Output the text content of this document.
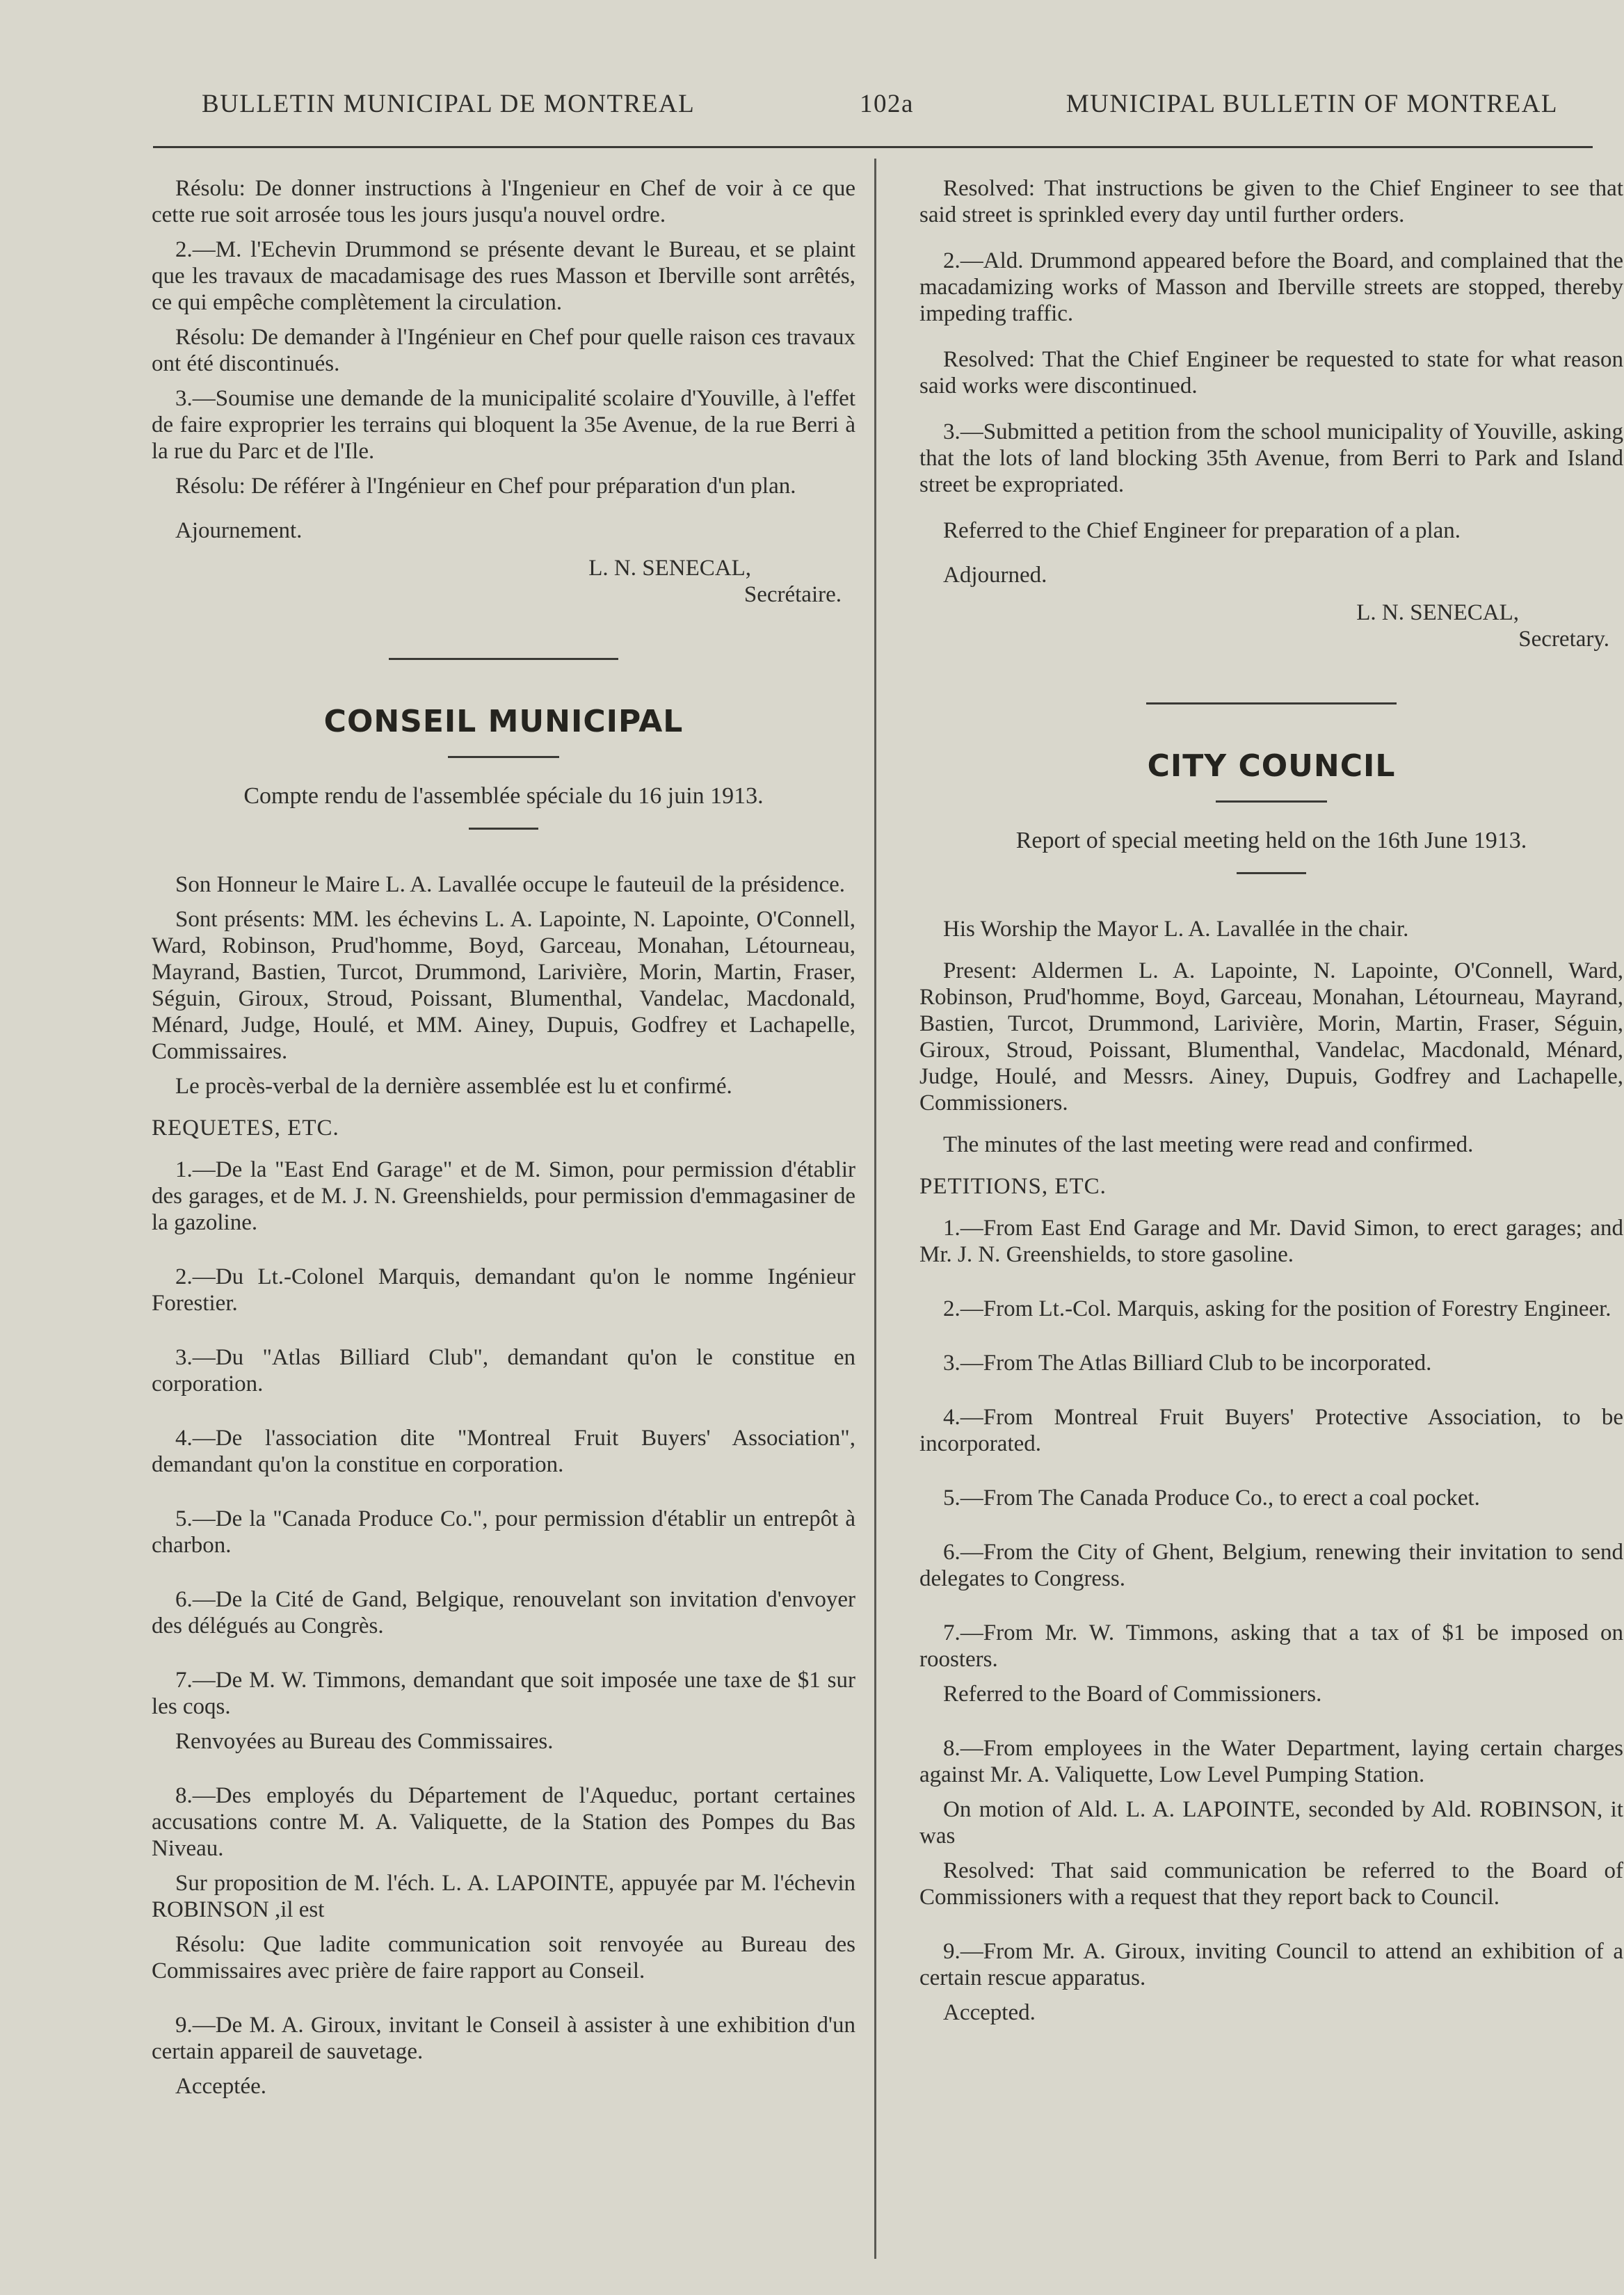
BULLETIN MUNICIPAL DE MONTREAL	102a	MUNICIPAL BULLETIN OF MONTREAL

Résolu: De donner instructions à l'Ingenieur en Chef de voir à ce que cette rue soit arrosée tous les jours jusqu'a nouvel ordre.

2.—M. l'Echevin Drummond se présente devant le Bureau, et se plaint que les travaux de macadamisage des rues Masson et Iberville sont arrêtés, ce qui empêche complètement la circulation.

Résolu: De demander à l'Ingénieur en Chef pour quelle raison ces travaux ont été discontinués.

3.—Soumise une demande de la municipalité scolaire d'Youville, à l'effet de faire exproprier les terrains qui bloquent la 35e Avenue, de la rue Berri à la rue du Parc et de l'Ile.

Résolu: De référer à l'Ingénieur en Chef pour préparation d'un plan.

Ajournement.

L. N. SENECAL,

Secrétaire.

CONSEIL MUNICIPAL

Compte rendu de l'assemblée spéciale du 16 juin 1913.

Son Honneur le Maire L. A. Lavallée occupe le fauteuil de la présidence.

Sont présents: MM. les échevins L. A. Lapointe, N. Lapointe, O'Connell, Ward, Robinson, Prud'homme, Boyd, Garceau, Monahan, Létourneau, Mayrand, Bastien, Turcot, Drummond, Larivière, Morin, Martin, Fraser, Séguin, Giroux, Stroud, Poissant, Blumenthal, Vandelac, Macdonald, Ménard, Judge, Houlé, et MM. Ainey, Dupuis, Godfrey et Lachapelle, Commissaires.

Le procès-verbal de la dernière assemblée est lu et confirmé.

REQUETES, ETC.

1.—De la "East End Garage" et de M. Simon, pour permission d'établir des garages, et de M. J. N. Greenshields, pour permission d'emmagasiner de la gazoline.

2.—Du Lt.-Colonel Marquis, demandant qu'on le nomme Ingénieur Forestier.

3.—Du "Atlas Billiard Club", demandant qu'on le constitue en corporation.

4.—De l'association dite "Montreal Fruit Buyers' Association", demandant qu'on la constitue en corporation.

5.—De la "Canada Produce Co.", pour permission d'établir un entrepôt à charbon.

6.—De la Cité de Gand, Belgique, renouvelant son invitation d'envoyer des délégués au Congrès.

7.—De M. W. Timmons, demandant que soit imposée une taxe de $1 sur les coqs.

Renvoyées au Bureau des Commissaires.

8.—Des employés du Département de l'Aqueduc, portant certaines accusations contre M. A. Valiquette, de la Station des Pompes du Bas Niveau.

Sur proposition de M. l'éch. L. A. LAPOINTE, appuyée par M. l'échevin ROBINSON ,il est

Résolu: Que ladite communication soit renvoyée au Bureau des Commissaires avec prière de faire rapport au Conseil.

9.—De M. A. Giroux, invitant le Conseil à assister à une exhibition d'un certain appareil de sauvetage.

Acceptée.

Resolved: That instructions be given to the Chief Engineer to see that said street is sprinkled every day until further orders.

2.—Ald. Drummond appeared before the Board, and complained that the macadamizing works of Masson and Iberville streets are stopped, thereby impeding traffic.

Resolved: That the Chief Engineer be requested to state for what reason said works were discontinued.

3.—Submitted a petition from the school municipality of Youville, asking that the lots of land blocking 35th Avenue, from Berri to Park and Island street be expropriated.

Referred to the Chief Engineer for preparation of a plan.

Adjourned.

L. N. SENECAL,

Secretary.

CITY COUNCIL

Report of special meeting held on the 16th June 1913.

His Worship the Mayor L. A. Lavallée in the chair.

Present: Aldermen L. A. Lapointe, N. Lapointe, O'Connell, Ward, Robinson, Prud'homme, Boyd, Garceau, Monahan, Létourneau, Mayrand, Bastien, Turcot, Drummond, Larivière, Morin, Martin, Fraser, Séguin, Giroux, Stroud, Poissant, Blumenthal, Vandelac, Macdonald, Ménard, Judge, Houlé, and Messrs. Ainey, Dupuis, Godfrey and Lachapelle, Commissioners.

The minutes of the last meeting were read and confirmed.

PETITIONS, ETC.

1.—From East End Garage and Mr. David Simon, to erect garages; and Mr. J. N. Greenshields, to store gasoline.

2.—From Lt.-Col. Marquis, asking for the position of Forestry Engineer.

3.—From The Atlas Billiard Club to be incorporated.

4.—From Montreal Fruit Buyers' Protective Association, to be incorporated.

5.—From The Canada Produce Co., to erect a coal pocket.

6.—From the City of Ghent, Belgium, renewing their invitation to send delegates to Congress.

7.—From Mr. W. Timmons, asking that a tax of $1 be imposed on roosters.

Referred to the Board of Commissioners.

8.—From employees in the Water Department, laying certain charges against Mr. A. Valiquette, Low Level Pumping Station.

On motion of Ald. L. A. LAPOINTE, seconded by Ald. ROBINSON, it was

Resolved: That said communication be referred to the Board of Commissioners with a request that they report back to Council.

9.—From Mr. A. Giroux, inviting Council to attend an exhibition of a certain rescue apparatus.

Accepted.
